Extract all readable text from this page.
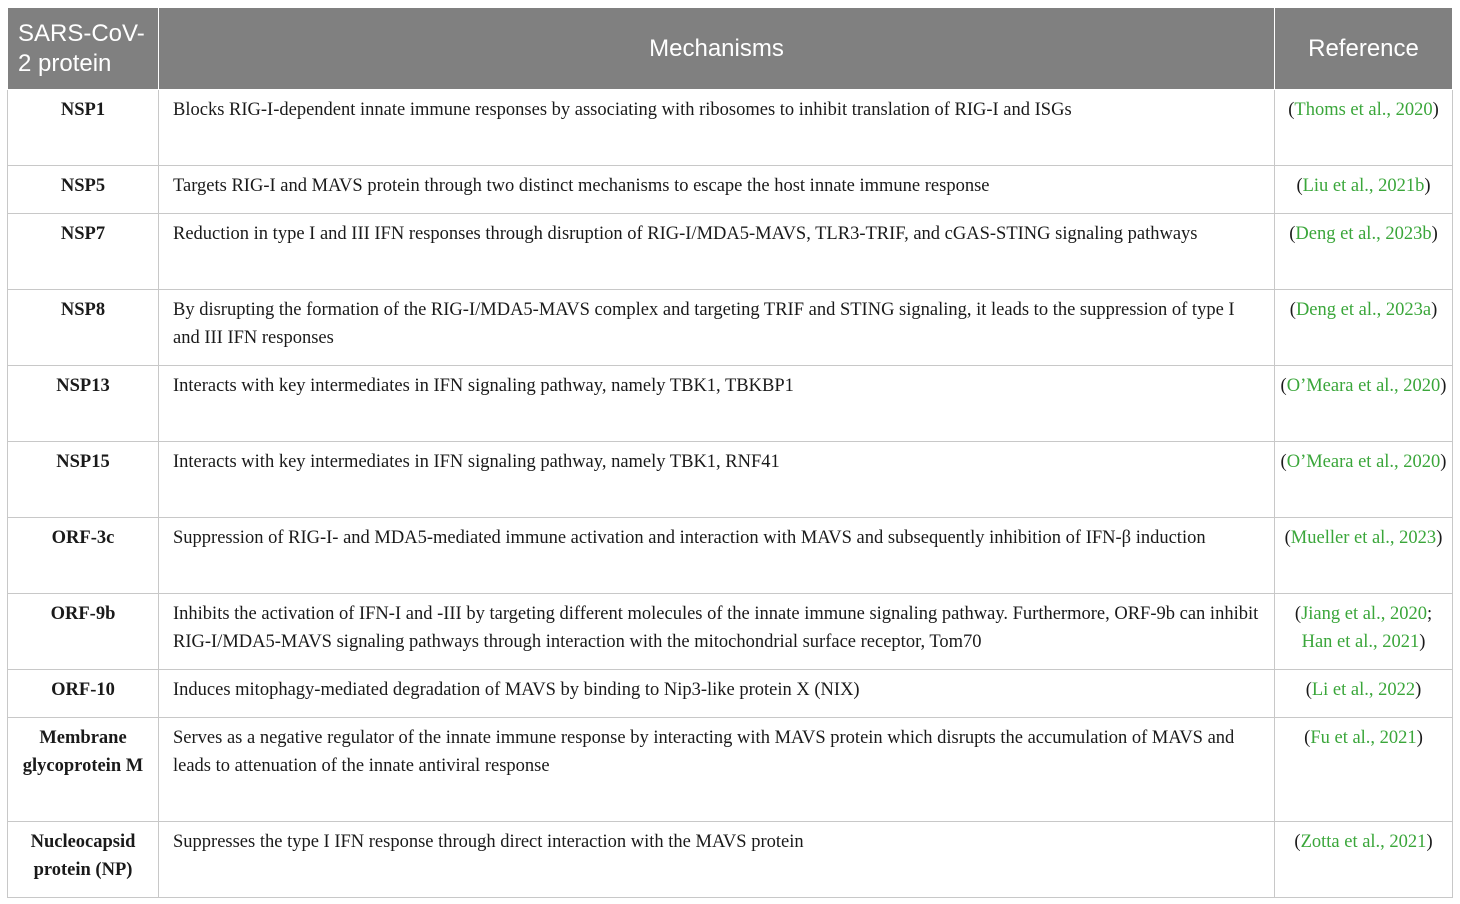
SARS-CoV-2 protein	Mechanisms	Reference
NSP1	Blocks RIG-I-dependent innate immune responses by associating with ribosomes to inhibit translation of RIG-I and ISGs	(Thoms et al., 2020)
NSP5	Targets RIG-I and MAVS protein through two distinct mechanisms to escape the host innate immune response	(Liu et al., 2021b)
NSP7	Reduction in type I and III IFN responses through disruption of RIG-I/MDA5-MAVS, TLR3-TRIF, and cGAS-STING signaling pathways	(Deng et al., 2023b)
NSP8	By disrupting the formation of the RIG-I/MDA5-MAVS complex and targeting TRIF and STING signaling, it leads to the suppression of type I and III IFN responses	(Deng et al., 2023a)
NSP13	Interacts with key intermediates in IFN signaling pathway, namely TBK1, TBKBP1	(O’Meara et al., 2020)
NSP15	Interacts with key intermediates in IFN signaling pathway, namely TBK1, RNF41	(O’Meara et al., 2020)
ORF-3c	Suppression of RIG-I- and MDA5-mediated immune activation and interaction with MAVS and subsequently inhibition of IFN-β induction	(Mueller et al., 2023)
ORF-9b	Inhibits the activation of IFN-I and -III by targeting different molecules of the innate immune signaling pathway. Furthermore, ORF-9b can inhibit RIG-I/MDA5-MAVS signaling pathways through interaction with the mitochondrial surface receptor, Tom70	(Jiang et al., 2020; Han et al., 2021)
ORF-10	Induces mitophagy-mediated degradation of MAVS by binding to Nip3-like protein X (NIX)	(Li et al., 2022)
Membrane glycoprotein M	Serves as a negative regulator of the innate immune response by interacting with MAVS protein which disrupts the accumulation of MAVS and leads to attenuation of the innate antiviral response	(Fu et al., 2021)
Nucleocapsid protein (NP)	Suppresses the type I IFN response through direct interaction with the MAVS protein	(Zotta et al., 2021)
